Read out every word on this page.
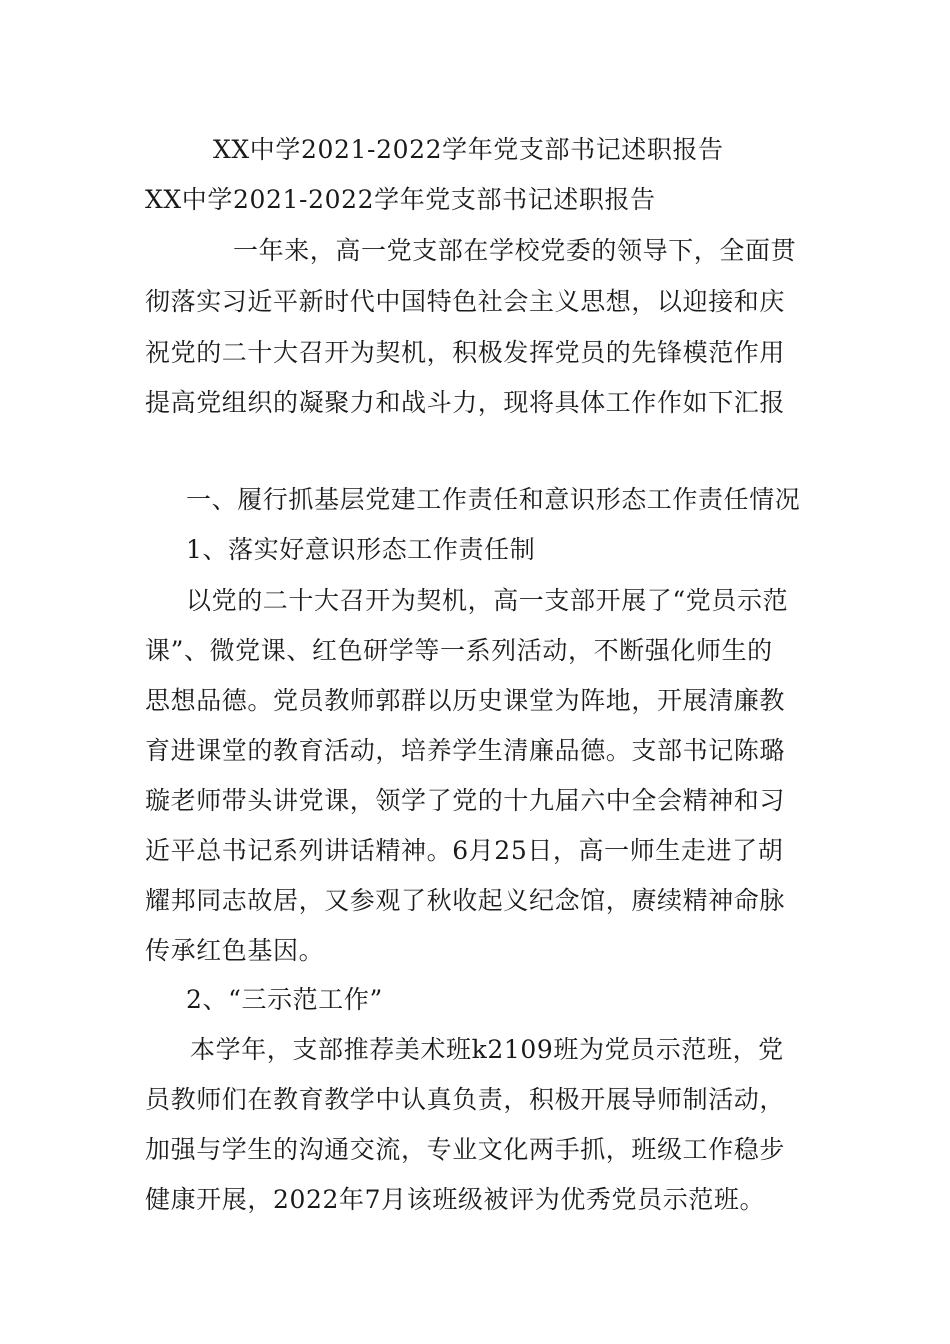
XX中学2021-2022学年党支部书记述职报告
XX中学2021-2022学年党支部书记述职报告
一年来，高一党支部在学校党委的领导下，全面贯
彻落实习近平新时代中国特色社会主义思想，以迎接和庆
祝党的二十大召开为契机，积极发挥党员的先锋模范作用
提高党组织的凝聚力和战斗力，现将具体工作作如下汇报
一、履行抓基层党建工作责任和意识形态工作责任情况
1、落实好意识形态工作责任制
以党的二十大召开为契机，高一支部开展了“党员示范
课”、微党课、红色研学等一系列活动，不断强化师生的
思想品德。党员教师郭群以历史课堂为阵地，开展清廉教
育进课堂的教育活动，培养学生清廉品德。支部书记陈璐
璇老师带头讲党课，领学了党的十九届六中全会精神和习
近平总书记系列讲话精神。6月25日，高一师生走进了胡
耀邦同志故居，又参观了秋收起义纪念馆，赓续精神命脉
传承红色基因。
2、“三示范工作”
本学年，支部推荐美术班k2109班为党员示范班，党
员教师们在教育教学中认真负责，积极开展导师制活动，
加强与学生的沟通交流，专业文化两手抓，班级工作稳步
健康开展，2022年7月该班级被评为优秀党员示范班。
